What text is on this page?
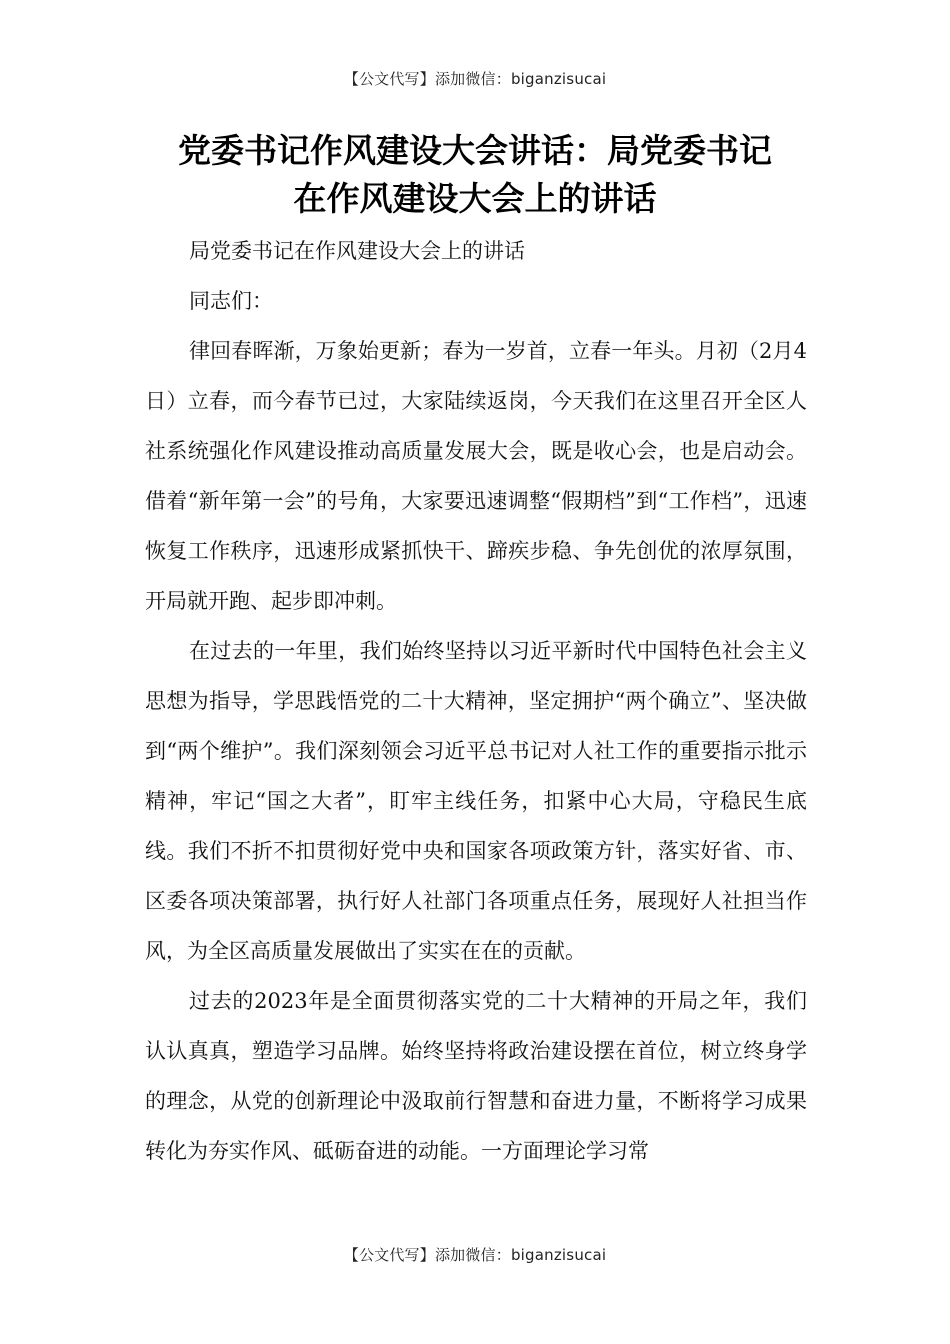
【公文代写】添加微信：biganzisucai
党委书记作风建设大会讲话：局党委书记
在作风建设大会上的讲话

局党委书记在作风建设大会上的讲话

同志们：

律回春晖渐，万象始更新；春为一岁首，立春一年头。月初（2月4日）立春，而今春节已过，大家陆续返岗，今天我们在这里召开全区人社系统强化作风建设推动高质量发展大会，既是收心会，也是启动会。借着“新年第一会”的号角，大家要迅速调整“假期档”到“工作档”，迅速恢复工作秩序，迅速形成紧抓快干、蹄疾步稳、争先创优的浓厚氛围，开局就开跑、起步即冲刺。

在过去的一年里，我们始终坚持以习近平新时代中国特色社会主义思想为指导，学思践悟党的二十大精神，坚定拥护“两个确立”、坚决做到“两个维护”。我们深刻领会习近平总书记对人社工作的重要指示批示精神，牢记“国之大者”，盯牢主线任务，扣紧中心大局，守稳民生底线。我们不折不扣贯彻好党中央和国家各项政策方针，落实好省、市、区委各项决策部署，执行好人社部门各项重点任务，展现好人社担当作风，为全区高质量发展做出了实实在在的贡献。

过去的2023年是全面贯彻落实党的二十大精神的开局之年，我们认认真真，塑造学习品牌。始终坚持将政治建设摆在首位，树立终身学的理念，从党的创新理论中汲取前行智慧和奋进力量，不断将学习成果转化为夯实作风、砥砺奋进的动能。一方面理论学习常

【公文代写】添加微信：biganzisucai
